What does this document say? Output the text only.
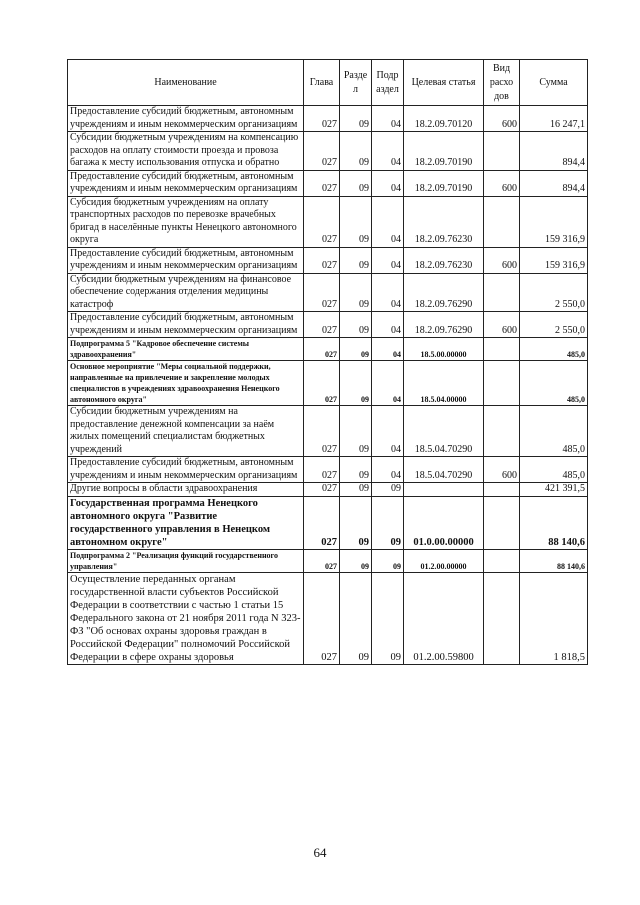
Наименование	Глава	Разде л	Подр аздел	Целевая статья	Вид расхо дов	Сумма
Предоставление субсидий бюджетным, автономным учреждениям и иным некоммерческим организациям	027	09	04	18.2.09.70120	600	16 247,1
Субсидии бюджетным учреждениям на компенсацию расходов на оплату стоимости проезда и провоза багажа к месту использования отпуска и обратно	027	09	04	18.2.09.70190		894,4
Предоставление субсидий бюджетным, автономным учреждениям и иным некоммерческим организациям	027	09	04	18.2.09.70190	600	894,4
Субсидия бюджетным учреждениям на оплату транспортных расходов по перевозке врачебных бригад в населённые пункты Ненецкого автономного округа	027	09	04	18.2.09.76230		159 316,9
Предоставление субсидий бюджетным, автономным учреждениям и иным некоммерческим организациям	027	09	04	18.2.09.76230	600	159 316,9
Субсидии бюджетным учреждениям на финансовое обеспечение содержания отделения медицины катастроф	027	09	04	18.2.09.76290		2 550,0
Предоставление субсидий бюджетным, автономным учреждениям и иным некоммерческим организациям	027	09	04	18.2.09.76290	600	2 550,0
Подпрограмма 5 "Кадровое обеспечение системы здравоохранения"	027	09	04	18.5.00.00000		485,0
Основное мероприятие "Меры социальной поддержки, направленные на привлечение и закрепление молодых специалистов в учреждениях здравоохранения Ненецкого автономного округа"	027	09	04	18.5.04.00000		485,0
Субсидии бюджетным учреждениям на предоставление денежной компенсации за наём жилых помещений специалистам бюджетных учреждений	027	09	04	18.5.04.70290		485,0
Предоставление субсидий бюджетным, автономным учреждениям и иным некоммерческим организациям	027	09	04	18.5.04.70290	600	485,0
Другие вопросы в области здравоохранения	027	09	09			421 391,5
Государственная программа Ненецкого автономного округа "Развитие государственного управления в Ненецком автономном округе"	027	09	09	01.0.00.00000		88 140,6
Подпрограмма 2 "Реализация функций государственного управления"	027	09	09	01.2.00.00000		88 140,6
Осуществление переданных органам государственной власти субъектов Российской Федерации в соответствии с частью 1 статьи 15 Федерального закона от 21 ноября 2011 года N 323-ФЗ "Об основах охраны здоровья граждан в Российской Федерации" полномочий Российской Федерации в сфере охраны здоровья	027	09	09	01.2.00.59800		1 818,5
64
